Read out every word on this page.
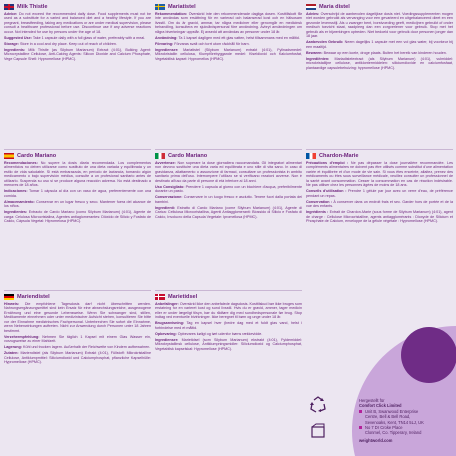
Milk Thistle

Advice: Do not exceed the recommended daily dose. Food supplements must not be used as a substitute for a varied and balanced diet and a healthy lifestyle. If you are pregnant, breastfeeding, taking any medications or are under medical supervision, please consult a healthcare professional before use. Discontinue use if any adverse reactions occur. Not intended for use by persons under the age of 18.

Suggested Use: Take 1 capsule daily with a full glass of water, preferably with a meal.

Storage: Store in a cool and dry place. Keep out of reach of children.

Ingredients: Milk Thistle (as Silybum Marianum) Extract (4:01), Bulking Agent: Microcrystalline Cellulose, Anti-Caking Agents: Silicon Dioxide and Calcium Phosphate, Vege Capsule Shell: Hypromellose (HPMC).

Cardo Mariano

Recomendaciones: No supere la dosis diaria recomendada. Los complementos alimenticios no deben utilizarse como sustituto de una dieta variada y equilibrada y un estilo de vida saludable. Si está embarazada, en período de lactancia, tomando algún medicamento o bajo supervisión médica, consulte a un profesional sanitario antes de utilizarlo. Suspenda su uso si se produce alguna reacción adversa. No está destinado a menores de 18 años.

Indicaciones: Tomar 1 cápsula al día con un vaso de agua, preferentemente con una comida.

Almacenamiento: Conservar en un lugar fresco y seco. Mantener fuera del alcance de los niños.

Ingredientes: Extracto de Cardo Mariano (como Silybum Marianum) (4:01), Agente de carga: Celulosa Microcristalina, Agentes antiaglomerantes: Dióxido de Silicio y Fosfato de Calcio, Cápsula Vegetal: Hipromelosa (HPMC).

Mariendistel

Hinweis: Die empfohlene Tagesdosis darf nicht überschritten werden. Nahrungsergänzungsmittel sind kein Ersatz für eine abwechslungsreiche, ausgewogene Ernährung und eine gesunde Lebensweise. Wenn Sie schwanger sind, stillen, Medikamente einnehmen oder unter medizinischer Aufsicht stehen, konsultieren Sie bitte vor der Einnahme medizinisches Fachpersonal. Unterbrechen Sie sofort die Einnahme, wenn Nebenwirkungen auftreten. Nicht zur Anwendung durch Personen unter 18 Jahren bestimmt.

Verzehrempfehlung: Nehmen Sie täglich 1 Kapsel mit einem Glas Wasser ein, vorzugsweise zu einer Mahlzeit.

Lagerung: Kühl und trocken lagern. Außerhalb der Reichweite von Kindern aufbewahren.

Zutaten: Mariendistel (als Silybum Marianum) Extrakt (4:01), Füllstoff: Mikrokristalline Cellulose, Antiklumpmittel: Siliciumdioxid und Calciumphosphat, pflanzliche Kapselhülle: Hypromellose (HPMC).

Mariatistel

Rekommendation: Överskrid inte den rekommenderade dagliga dosen. Kosttillskott får inte användas som ersättning för en varierad och balanserad kost och en hälsosam livsstil. Om du är gravid, ammar, tar några mediciner eller genomgår en medicinsk behandling, konsultera en sjukvårdspersonal före användning. Avbryt användningen om några biverkningar uppstår. Ej avsedd att användas av personer under 18 år.

Användning: Ta 1 kapsel dagligen med ett glas vatten, helst tillsammans med en måltid.

Förvaring: Förvaras svalt och torrt utom räckhåll för barn.

Ingredienser: Mariatistel (Silybum Marianum) extrakt (4:01), Fyllnadsmedel: Mikrokristallin cellulosa, Klumpförebyggande medel: Kiseldioxid och Kalciumfosfat, Vegetabilisk kapsel: Hypromellos (HPMC).

Cardo Mariano

Avvertenze: Non superare la dose giornaliera raccomandata. Gli integratori alimentari non devono sostituire una dieta varia ed equilibrata e uno stile di vita sano. In caso di gravidanza, allattamento o assunzione di farmaci, consultare un professionista in ambito sanitario prima dell'uso. Interrompere l'utilizzo se si verificano reazioni avverse. Non è destinato all'uso da parte di persone di età inferiore ai 18 anni.

Uso Consigliato: Prendere 1 capsula al giorno con un bicchiere d'acqua, preferibilmente durante un pasto.

Conservazione: Conservare in un luogo fresco e asciutto. Tenere fuori dalla portata dei bambini.

Ingredienti: Estratto di Cardo Mariano (come Silybum Marianum) (4:01), Agente di Carica: Cellulosa Microcristallina, Agenti Antiagglomeranti: Biossido di Silicio e Fosfato di Calcio, Involucro della Capsula Vegetale: Ipromellosa (HPMC).

Marietidsel

Anbefalinger: Overskrid ikke den anbefalede dagsdosis. Kosttilskud bør ikke bruges som erstatning for en varieret kost og sund livsstil. Hvis du er gravid, ammer, tager medicin eller er under lægeligt tilsyn, bør du rådføre dig med sundhedspersonale før brug. Stop indtag ved eventuelle bivirkninger. Ikke beregnet til børn og unge under 18 år.

Brugsanvisning: Tag en kapsel hver (bedre dag med et fuldt glas vand, helst i forbindelse med et måltid.

Opbevaring: Opbevares køligt og tørt udenfor børns rækkevidde.

Ingredienser: Marietidsel (som Silybum Marianum) ekstrakt (4:01), Fyldemiddel: Mikrokrystallinsk cellulose, Antiklumpningsmidler: Siliciumdioxid og Calciumphosphat, Vegetabilsk kapselskal: Hypromellose (HPMC).

Maria distel

Advies: Overschrijd de aanbevolen dagelijkse dosis niet. Voedingssupplementen mogen niet worden gebruikt als vervanging voor een gevarieerd en uitgebalanceerd dieet en een gezonde levensstijl. Als u zwanger bent, borstvoeding geeft, medicijnen gebruikt of onder medisch toezicht staat, raadpleeg dan een zorgverlener voor gebruik. Stop met het gebruik als er bijwerkingen optreden. Niet bedoeld voor gebruik door personen jonger dan 18 jaar.

Aanbevolen Gebruik: Neem dagelijks 1 capsule met een vol glas water, bij voorkeur bij een maaltijd.

Bewaren: Bewaar op een koele, droge plaats. Buiten het bereik van kinderen houden.

Ingrediënten: Mariadistelextract (als Silybum Marianum) (4:01), vulmiddel: microkristallijne cellulose, antiklontermiddelen: siliciumdioxide en calciumfosfaat, plantaardige capsulebehuizing: hypromellose (HPMC).

Chardon-Marie

Précautions d'emploi : Ne pas dépasser la dose journalière recommandée. Les compléments alimentaires ne doivent pas être utilisés comme substitut d'une alimentation variée et équilibrée et d'un mode de vie sain. Si vous êtes enceinte, allaitez, prenez des médicaments ou êtes sous surveillance médicale, veuillez consulter un professionnel de la santé avant consommation. Cesser la consommation en cas de réaction indésirable. Ne pas utiliser chez les personnes âgées de moins de 18 ans.

Conseils d'utilisation : Prendre 1 gélule par jour avec un verre d'eau, de préférence pendant un repas.

Conservation : À conserver dans un endroit frais et sec. Garder hors de portée et de la vue des enfants.

Ingrédients : Extrait de Chardon-Marie (sous forme de Silybum Marianum) (4:01), agent de charge : Cellulose Microcristalline, agents antiagglomérants : Dioxyde de Silicium et Phosphate de Calcium, enveloppe de la gélule végétale : Hypromellose (HPMC).

Hergestellt für
Comfort Click Limited
Unit B, Swanwood Enterprise
Centre, Bell & Bell Road,
Sevenoaks, Kent, TN14 5LJ, UK
No 7 Dr Croke Place
Clonmel, Co. Tipperary, Ireland
weightworld.com
